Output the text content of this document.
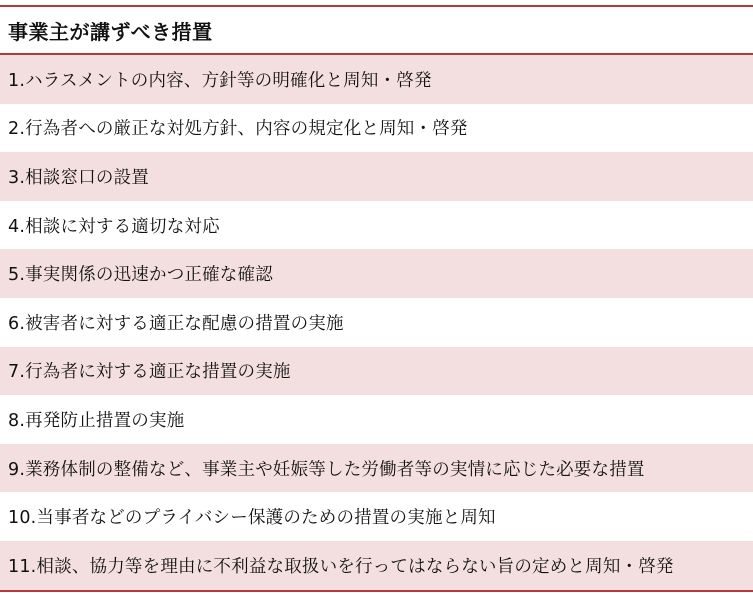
事業主が講ずべき措置
1.ハラスメントの内容、方針等の明確化と周知・啓発
2.行為者への厳正な対処方針、内容の規定化と周知・啓発
3.相談窓口の設置
4.相談に対する適切な対応
5.事実関係の迅速かつ正確な確認
6.被害者に対する適正な配慮の措置の実施
7.行為者に対する適正な措置の実施
8.再発防止措置の実施
9.業務体制の整備など、事業主や妊娠等した労働者等の実情に応じた必要な措置
10.当事者などのプライバシー保護のための措置の実施と周知
11.相談、協力等を理由に不利益な取扱いを行ってはならない旨の定めと周知・啓発
